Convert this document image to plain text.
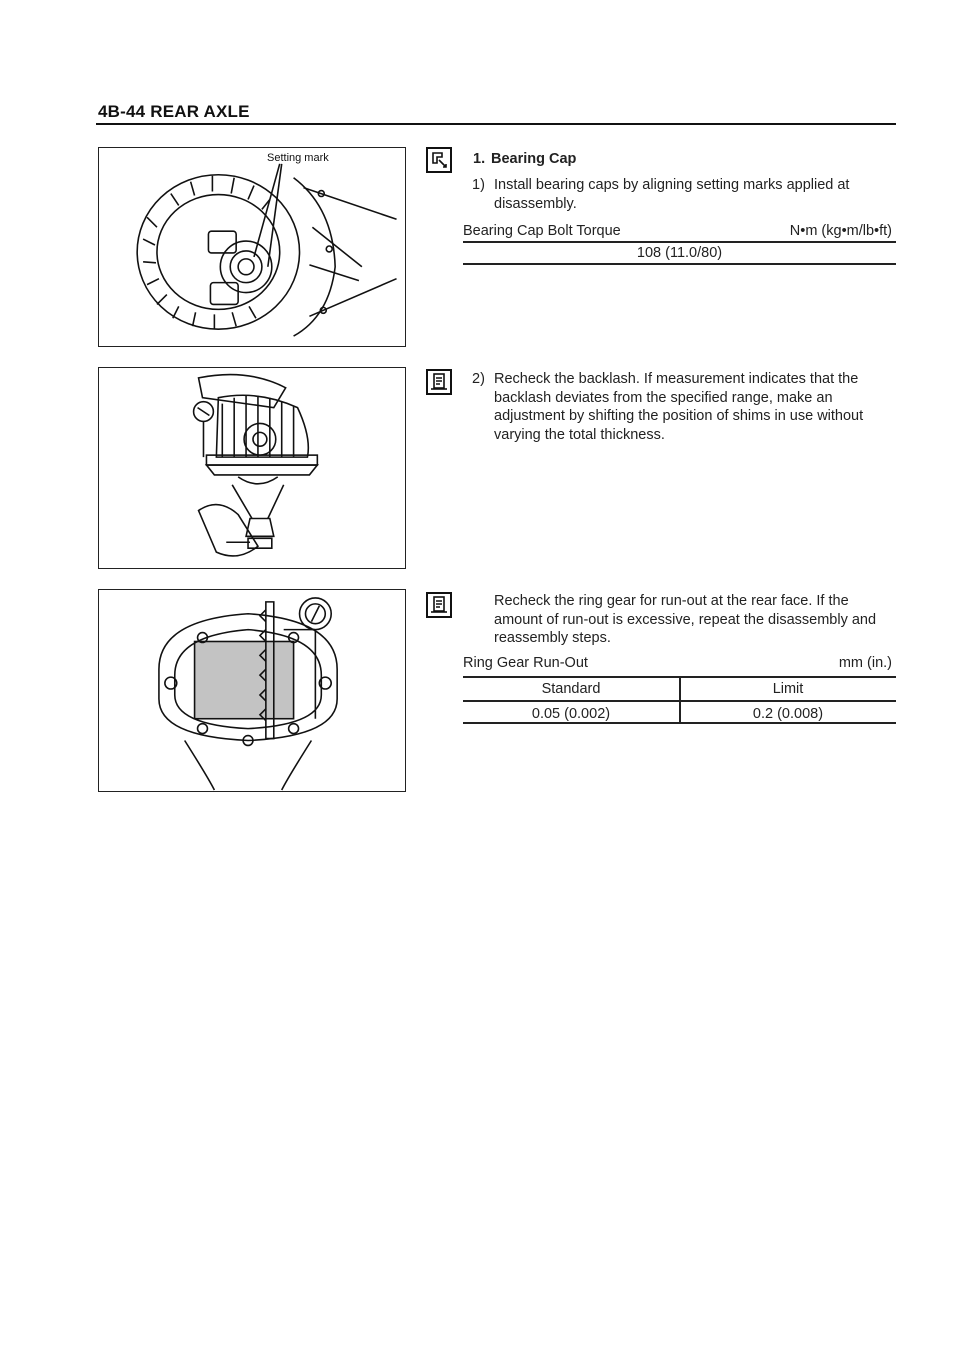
4B-44 REAR AXLE
Setting mark	1. Bearing Cap
1) Install bearing caps by aligning setting marks applied at disassembly.
Bearing Cap Bolt Torque	N•m (kg•m/lb•ft)
108 (11.0/80)
2) Recheck the backlash. If measurement indicates that the backlash deviates from the specified range, make an adjustment by shifting the position of shims in use without varying the total thickness.
Recheck the ring gear for run-out at the rear face. If the amount of run-out is excessive, repeat the disassembly and reassembly steps.
Ring Gear Run-Out	mm (in.)
Standard	Limit
0.05 (0.002)	0.2 (0.008)
